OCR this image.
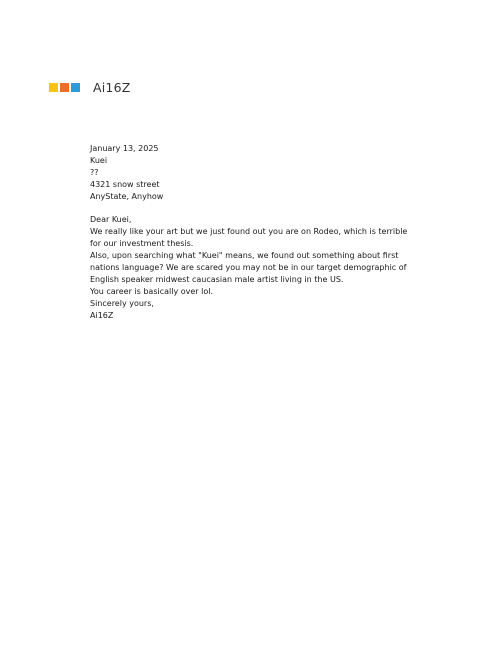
Ai16Z

January 13, 2025

Kuei

??

4321 snow street

AnyState, Anyhow

Dear Kuei,

We really like your art but we just found out you are on Rodeo, which is terrible for our investment thesis.

Also, upon searching what "Kuei" means, we found out something about first nations language? We are scared you may not be in our target demographic of English speaker midwest caucasian male artist living in the US.

You career is basically over lol.

Sincerely yours,

Ai16Z
